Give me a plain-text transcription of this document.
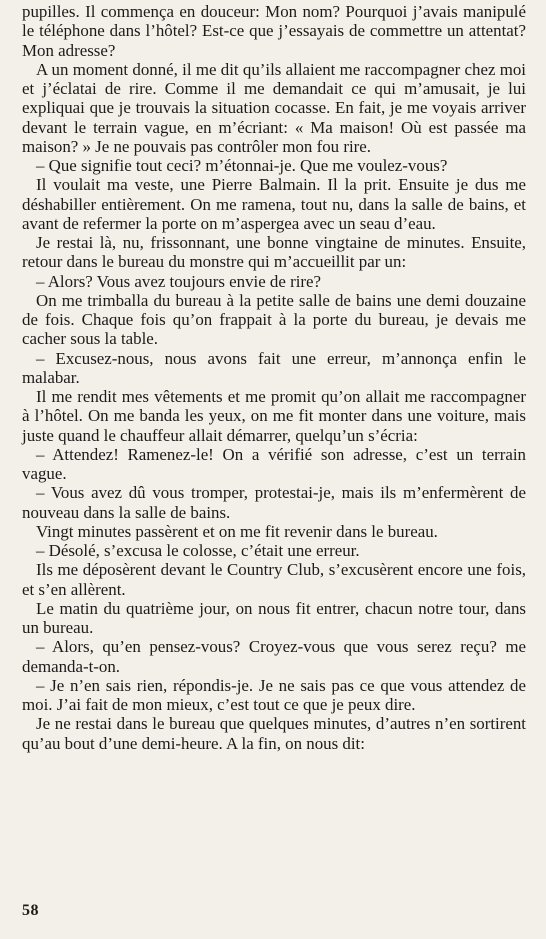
pupilles. Il commença en douceur: Mon nom? Pourquoi j’avais manipulé le téléphone dans l’hôtel? Est-ce que j’essayais de commettre un attentat? Mon adresse?

A un moment donné, il me dit qu’ils allaient me raccompagner chez moi et j’éclatai de rire. Comme il me demandait ce qui m’amusait, je lui expliquai que je trouvais la situation cocasse. En fait, je me voyais arriver devant le terrain vague, en m’écriant: « Ma maison! Où est passée ma maison? » Je ne pouvais pas contrôler mon fou rire.

– Que signifie tout ceci? m’étonnai-je. Que me voulez-vous?

Il voulait ma veste, une Pierre Balmain. Il la prit. Ensuite je dus me déshabiller entièrement. On me ramena, tout nu, dans la salle de bains, et avant de refermer la porte on m’aspergea avec un seau d’eau.

Je restai là, nu, frissonnant, une bonne vingtaine de minutes. Ensuite, retour dans le bureau du monstre qui m’accueillit par un:

– Alors? Vous avez toujours envie de rire?

On me trimballa du bureau à la petite salle de bains une demi douzaine de fois. Chaque fois qu’on frappait à la porte du bureau, je devais me cacher sous la table.

– Excusez-nous, nous avons fait une erreur, m’annonça enfin le malabar.

Il me rendit mes vêtements et me promit qu’on allait me raccompagner à l’hôtel. On me banda les yeux, on me fit monter dans une voiture, mais juste quand le chauffeur allait démarrer, quelqu’un s’écria:

– Attendez! Ramenez-le! On a vérifié son adresse, c’est un terrain vague.

– Vous avez dû vous tromper, protestai-je, mais ils m’enfermèrent de nouveau dans la salle de bains.

Vingt minutes passèrent et on me fit revenir dans le bureau.

– Désolé, s’excusa le colosse, c’était une erreur.

Ils me déposèrent devant le Country Club, s’excusèrent encore une fois, et s’en allèrent.

Le matin du quatrième jour, on nous fit entrer, chacun notre tour, dans un bureau.

– Alors, qu’en pensez-vous? Croyez-vous que vous serez reçu? me demanda-t-on.

– Je n’en sais rien, répondis-je. Je ne sais pas ce que vous attendez de moi. J’ai fait de mon mieux, c’est tout ce que je peux dire.

Je ne restai dans le bureau que quelques minutes, d’autres n’en sortirent qu’au bout d’une demi-heure. A la fin, on nous dit:

58
